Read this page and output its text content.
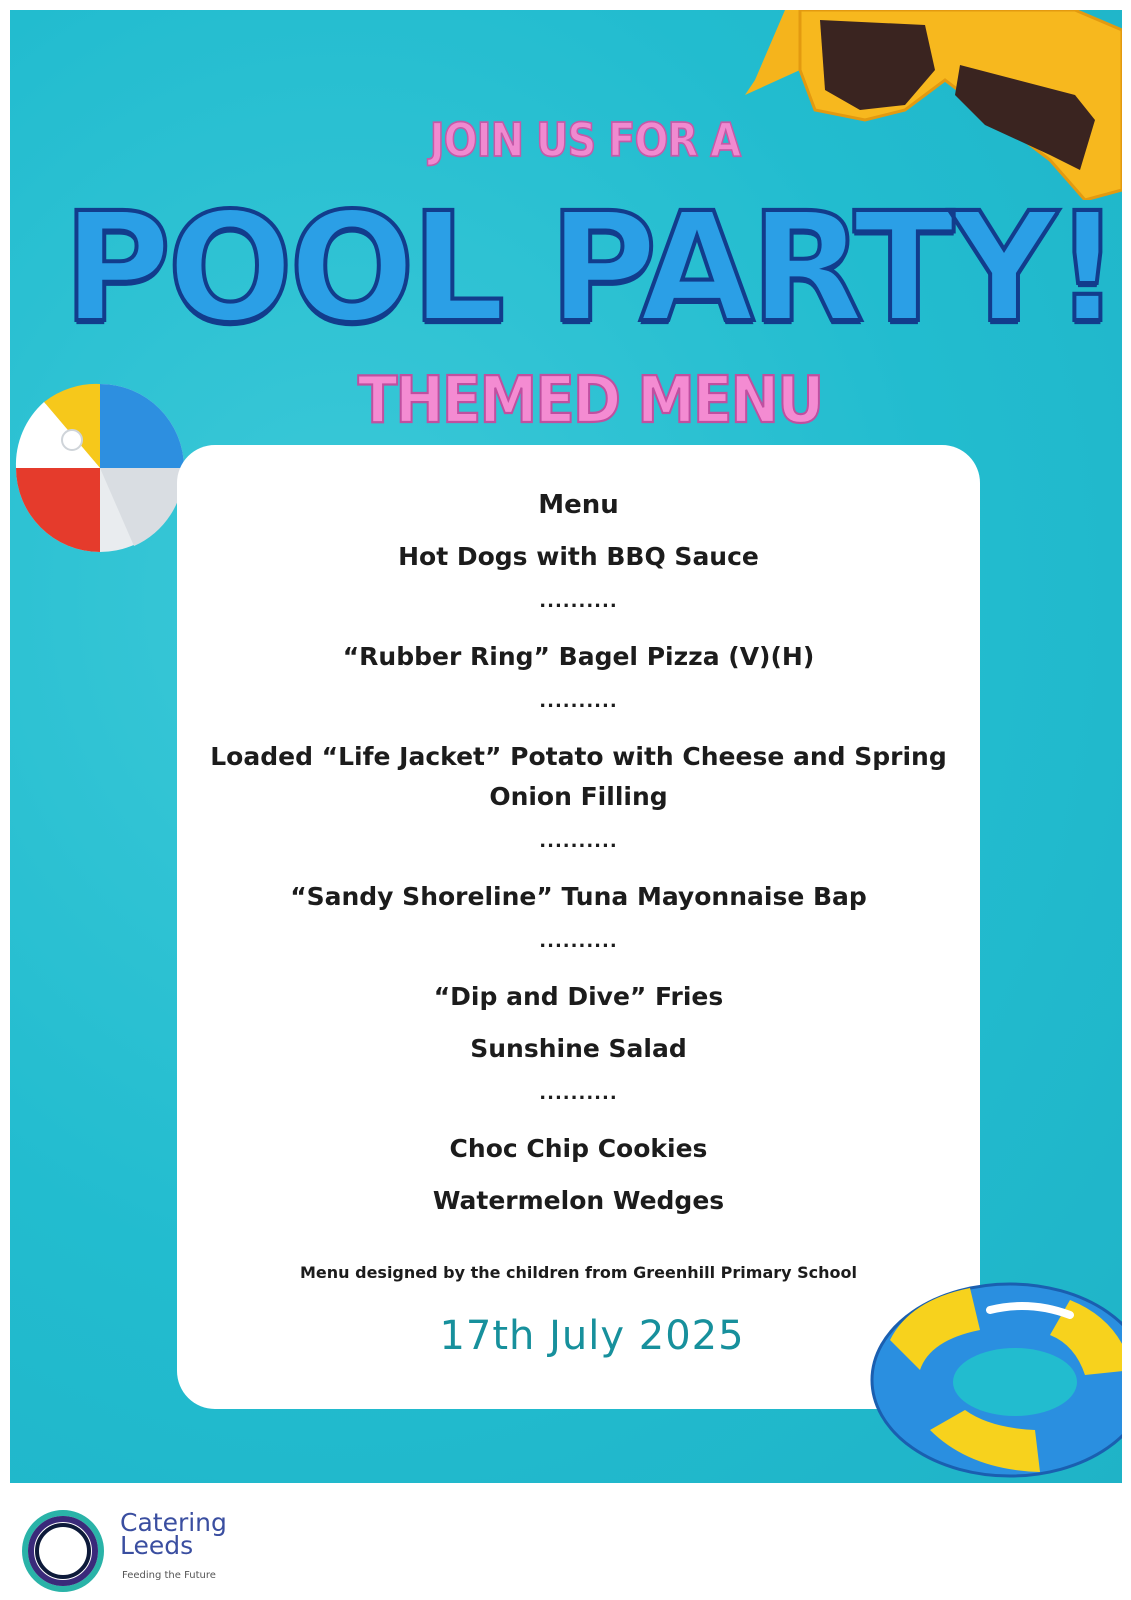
JOIN US FOR A
POOL PARTY!
THEMED MENU
Menu
Hot Dogs with BBQ Sauce
..........
“Rubber Ring” Bagel Pizza (V)(H)
..........
Loaded “Life Jacket” Potato with Cheese and Spring Onion Filling
..........
“Sandy Shoreline” Tuna Mayonnaise Bap
..........
“Dip and Dive” Fries
Sunshine Salad
..........
Choc Chip Cookies
Watermelon Wedges
Menu designed by the children from Greenhill Primary School
17th July 2025
Catering
Leeds
Feeding the Future
